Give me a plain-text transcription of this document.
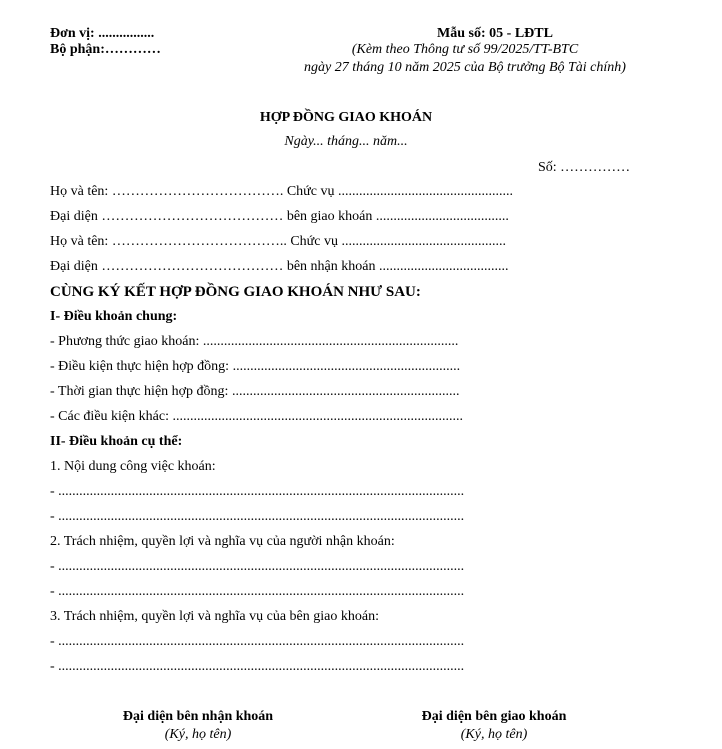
Đơn vị: ................
Bộ phận:…………
Mẫu số: 05 - LĐTL
(Kèm theo Thông tư số 99/2025/TT-BTC
ngày 27 tháng 10 năm 2025 của Bộ trưởng Bộ Tài chính)
HỢP ĐỒNG GIAO KHOÁN
Ngày... tháng... năm...
Số: ……………
Họ và tên: ………………………………. Chức vụ ..................................................
Đại diện ………………………………… bên giao khoán ......................................
Họ và tên: ……………………………….. Chức vụ ...............................................
Đại diện ………………………………… bên nhận khoán .....................................
CÙNG KÝ KẾT HỢP ĐỒNG GIAO KHOÁN NHƯ SAU:
I- Điều khoản chung:
- Phương thức giao khoán: .........................................................................
- Điều kiện thực hiện hợp đồng: .................................................................
- Thời gian thực hiện hợp đồng: .................................................................
- Các điều kiện khác: ...................................................................................
II- Điều khoản cụ thể:
1. Nội dung công việc khoán:
- ....................................................................................................................
- ....................................................................................................................
2. Trách nhiệm, quyền lợi và nghĩa vụ của người nhận khoán:
- ....................................................................................................................
- ....................................................................................................................
3. Trách nhiệm, quyền lợi và nghĩa vụ của bên giao khoán:
- ....................................................................................................................
- ....................................................................................................................
Đại diện bên nhận khoán
(Ký, họ tên)
Đại diện bên giao khoán
(Ký, họ tên)
